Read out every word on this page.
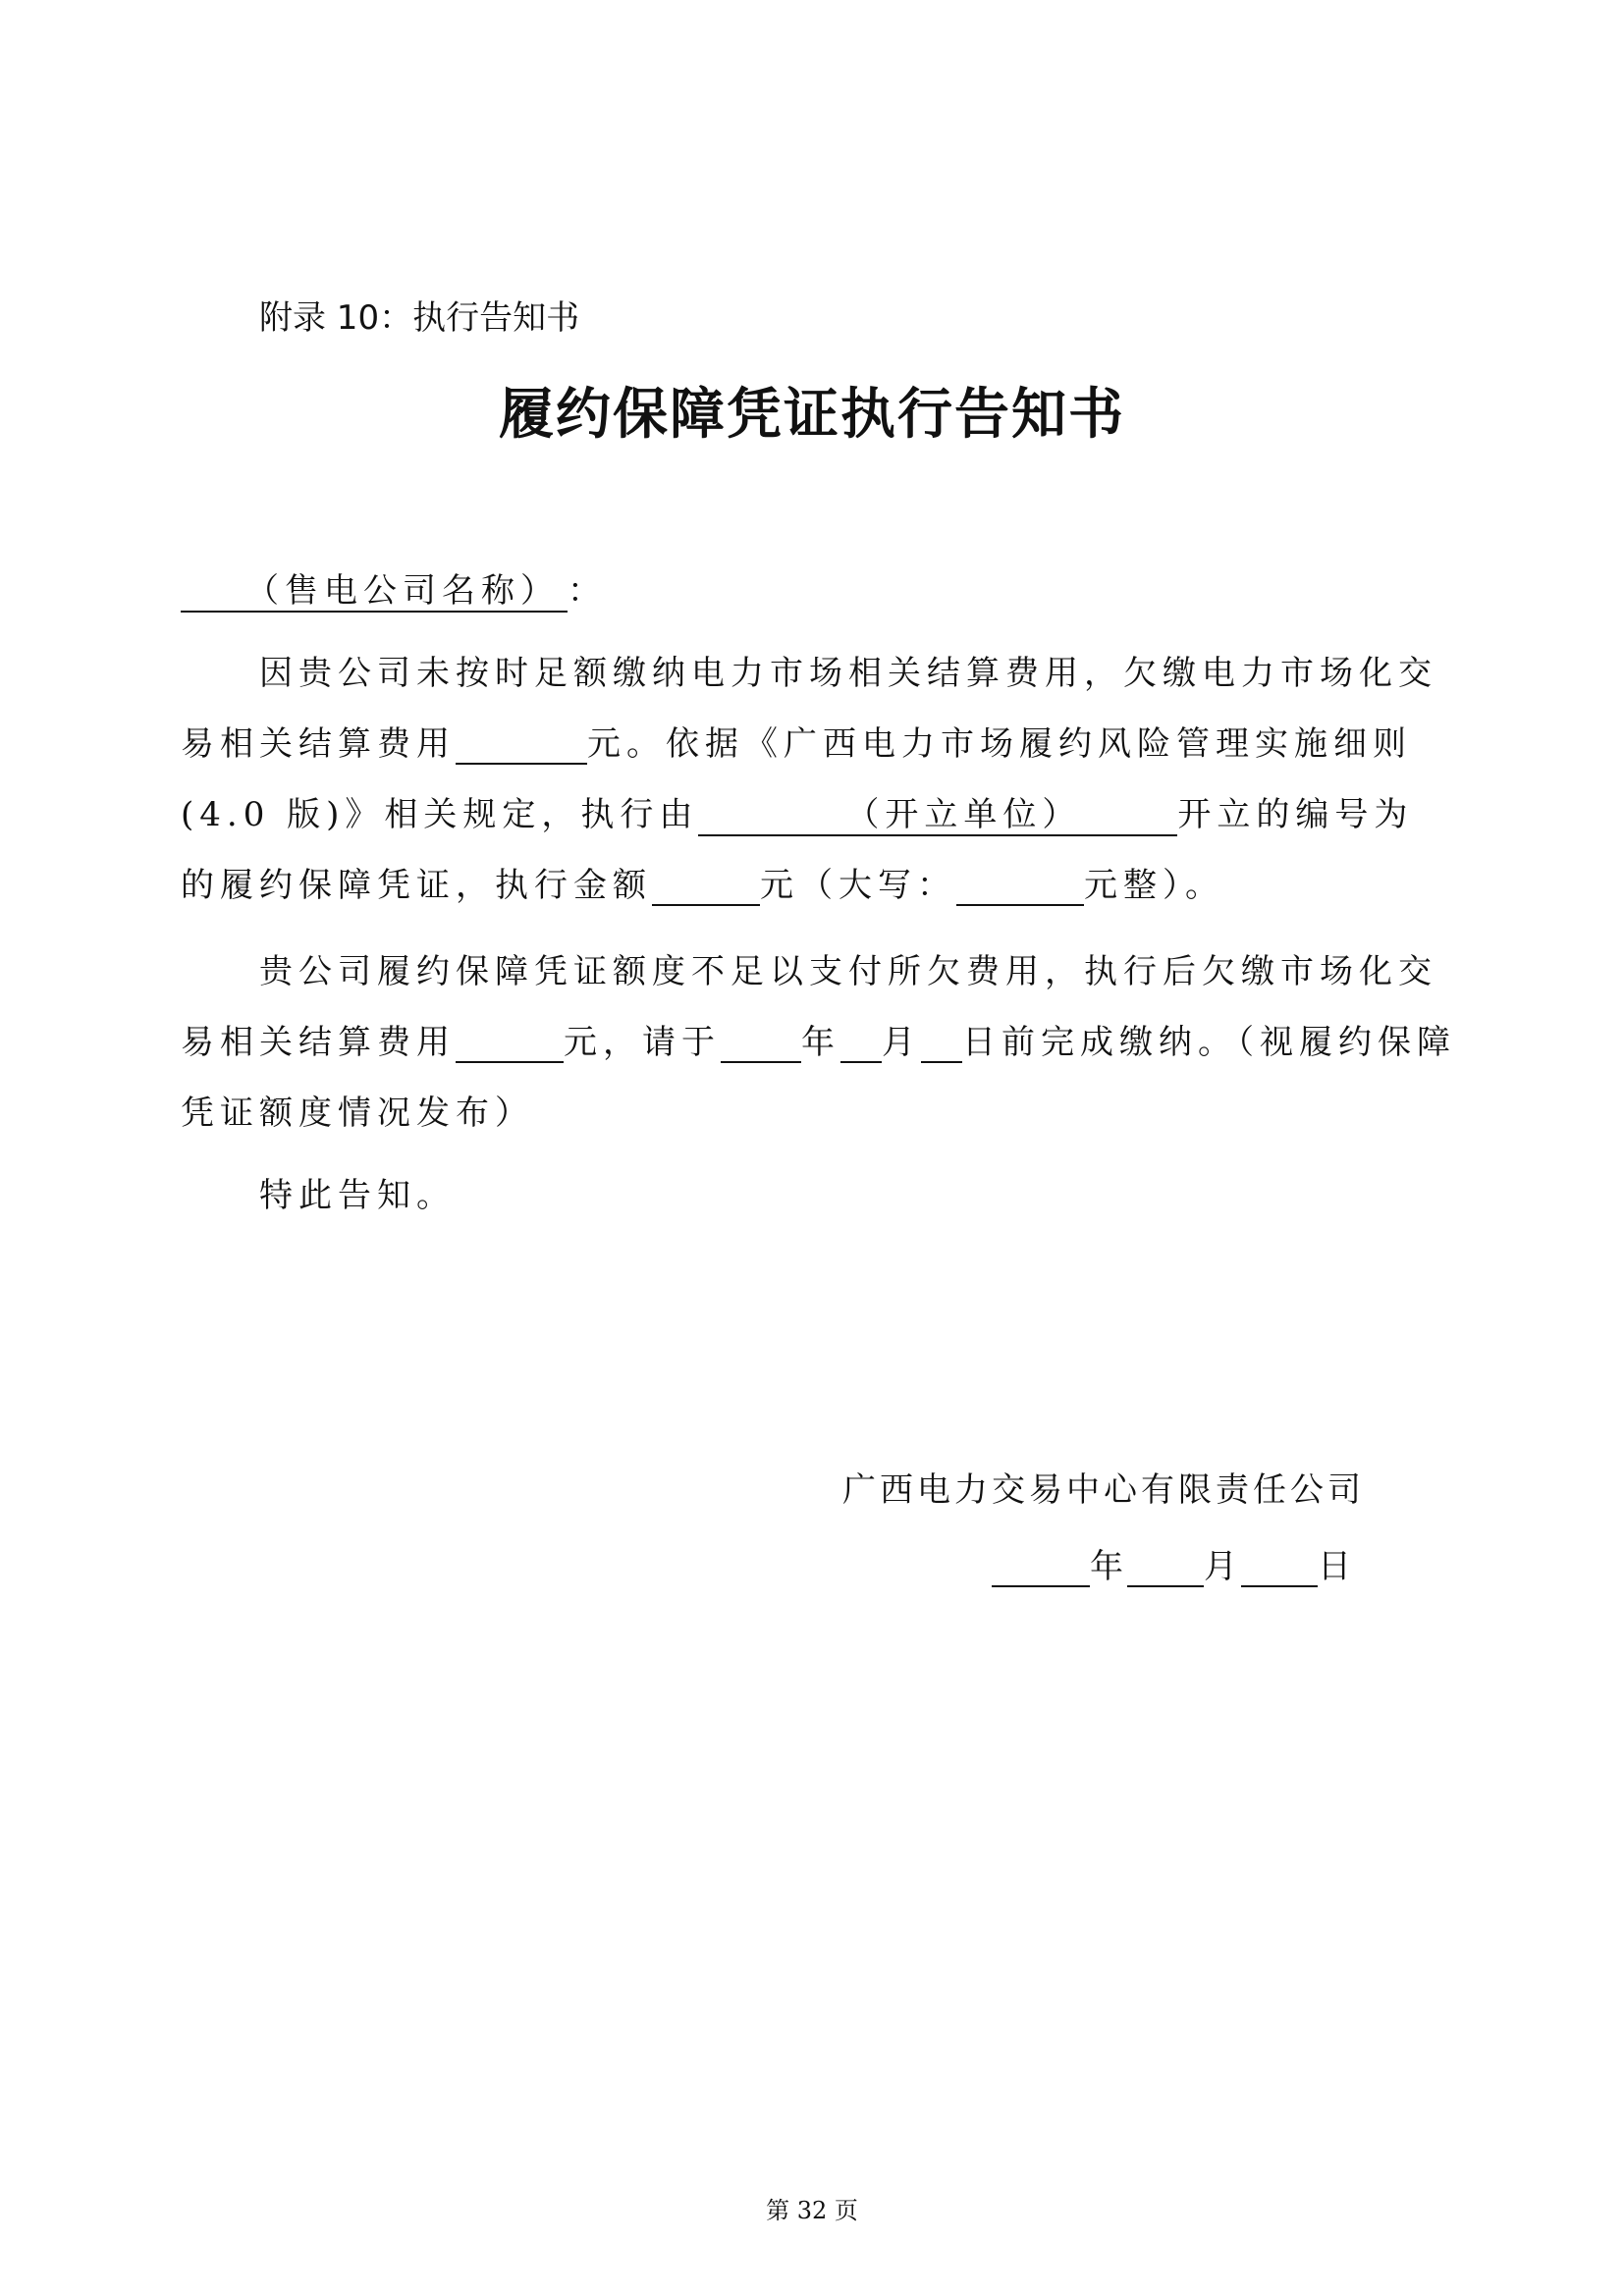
附录 10：执行告知书
履约保障凭证执行告知书
（售电公司名称） ：
因贵公司未按时足额缴纳电力市场相关结算费用，欠缴电力市场化交
易相关结算费用	元。依据《广西电力市场履约风险管理实施细则
(4.0 版)》相关规定，执行由	（开立单位）	开立的编号为
的履约保障凭证，执行金额	元（大写：	元整）。
贵公司履约保障凭证额度不足以支付所欠费用，执行后欠缴市场化交
易相关结算费用	元，请于 年 月 日前完成缴纳。（视履约保障
凭证额度情况发布）
特此告知。
广西电力交易中心有限责任公司
年 月 日
第 32 页
